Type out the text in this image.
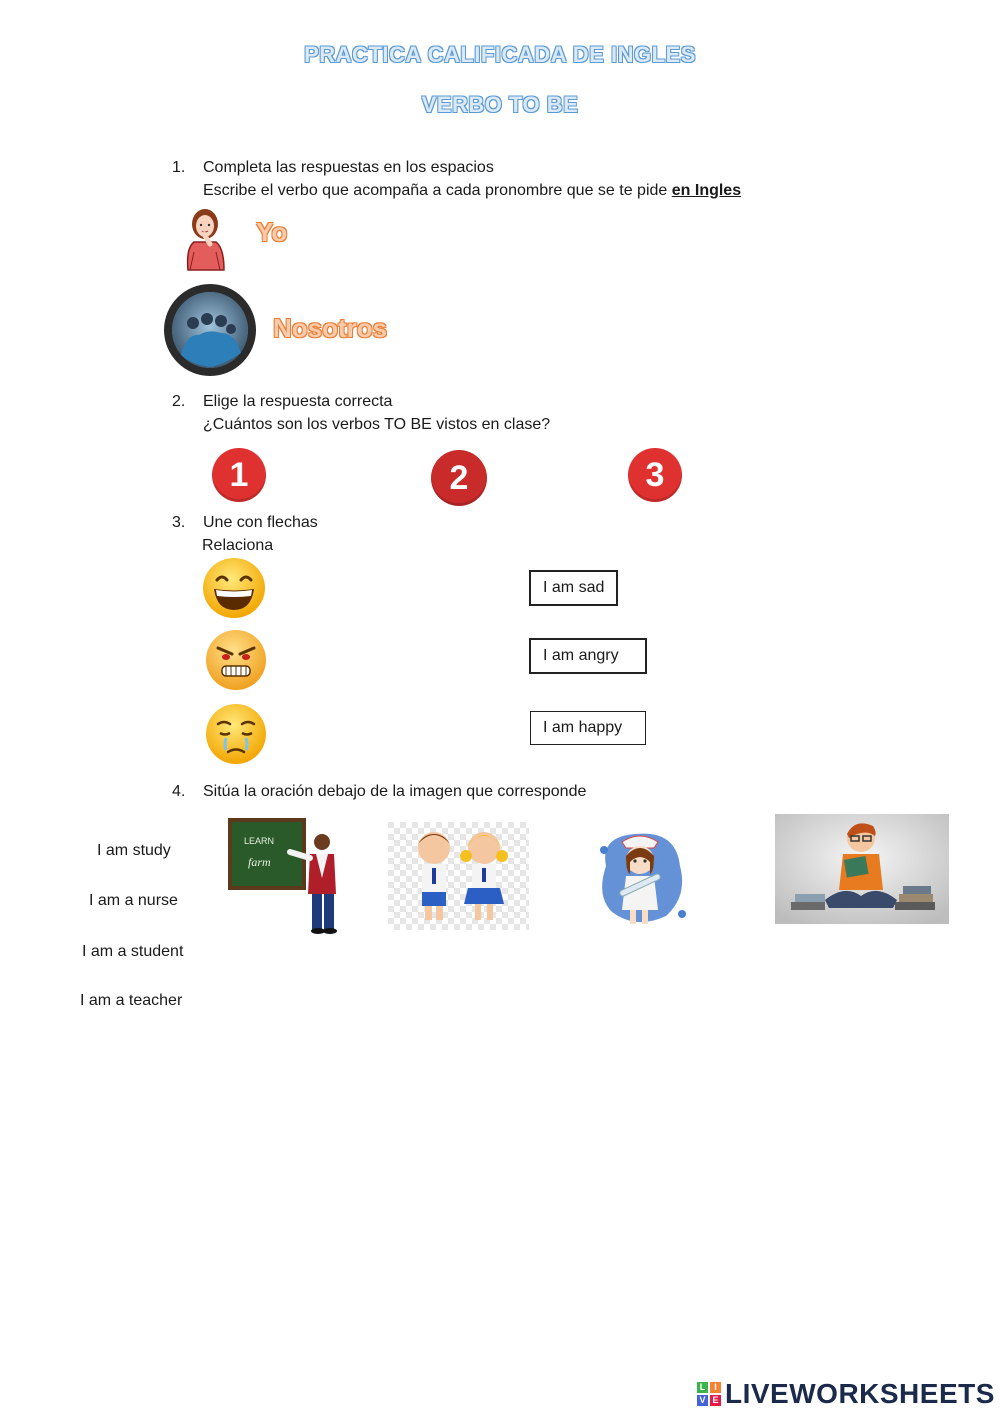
PRACTICA CALIFICADA DE INGLES
VERBO TO BE
1.	Completa las respuestas en los espacios
Escribe el verbo que acompaña a cada pronombre que se te pide en Ingles
Yo
Nosotros
2.	Elige la respuesta correcta
¿Cuántos son los verbos TO BE vistos en clase?
1	2	3
3.	Une con flechas
Relaciona
I am sad
I am angry
I am happy
4.	Sitúa la oración debajo de la imagen que corresponde
I am study
I am a nurse
I am a student
I am a teacher
LEARN
farm
L I
V E LIVEWORKSHEETS
